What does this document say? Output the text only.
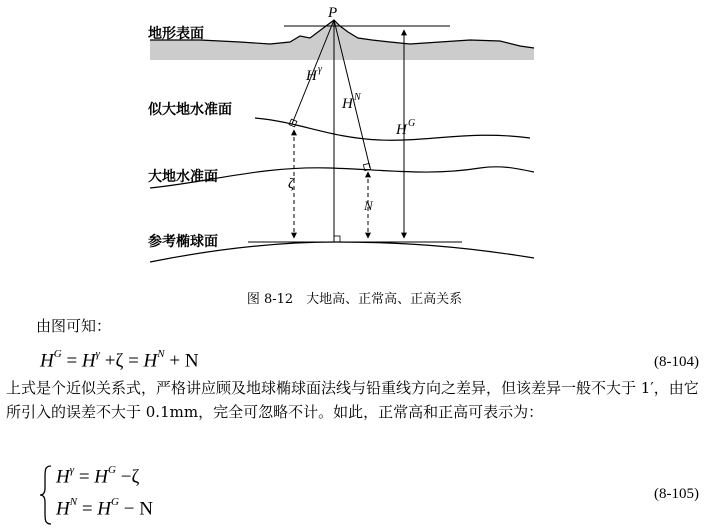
P
地形表面
似大地水准面
大地水准面
参考椭球面
H γ
H N
H G
ζ
N
图 8-12　大地高、正常高、正高关系
由图可知：
$H^G = H^\gamma +\zeta = H^N + N$	(8-104)
上式是个近似关系式，严格讲应顾及地球椭球面法线与铅重线方向之差异，但该差异一般不大于 1′，由它所引入的误差不大于 0.1mm，完全可忽略不计。如此，正常高和正高可表示为：
$H^\gamma = H^G -\zeta$
$H^N = H^G - N$
(8-105)
